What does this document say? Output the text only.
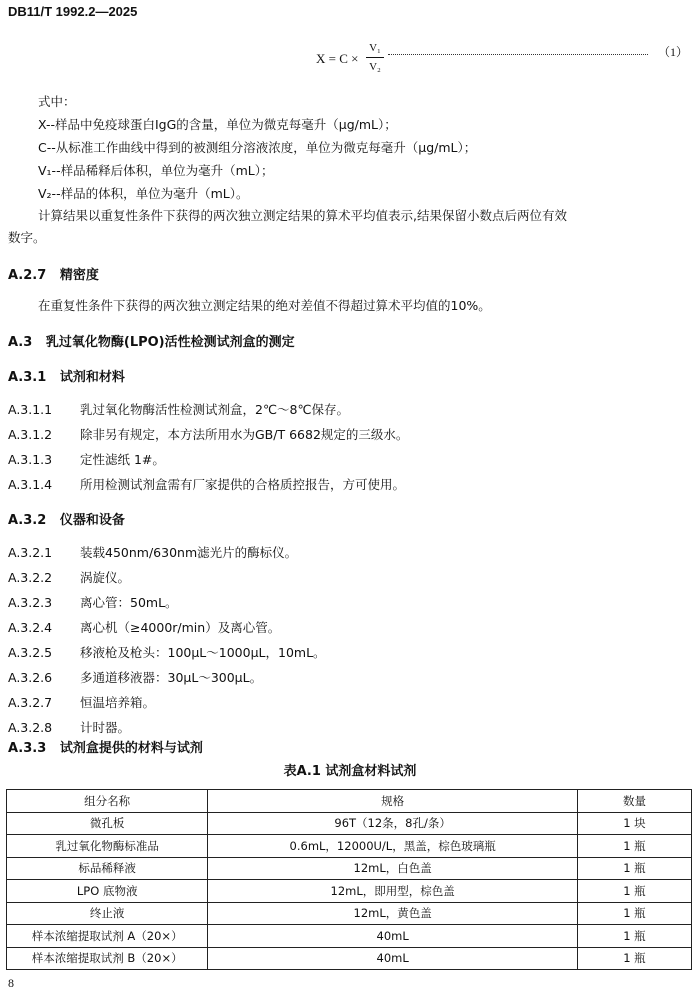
DB11/T 1992.2—2025
X = C ×
V₁
V₂
（1）
式中：
X--样品中免疫球蛋白IgG的含量，单位为微克每毫升（μg/mL）；
C--从标准工作曲线中得到的被测组分溶液浓度，单位为微克每毫升（μg/mL）；
V₁--样品稀释后体积，单位为毫升（mL）；
V₂--样品的体积，单位为毫升（mL）。
计算结果以重复性条件下获得的两次独立测定结果的算术平均值表示,结果保留小数点后两位有效
数字。
A.2.7 精密度
在重复性条件下获得的两次独立测定结果的绝对差值不得超过算术平均值的10%。
A.3 乳过氧化物酶(LPO)活性检测试剂盒的测定
A.3.1 试剂和材料
A.3.1.1 乳过氧化物酶活性检测试剂盒，2℃～8℃保存。
A.3.1.2 除非另有规定，本方法所用水为GB/T 6682规定的三级水。
A.3.1.3 定性滤纸 1#。
A.3.1.4 所用检测试剂盒需有厂家提供的合格质控报告，方可使用。
A.3.2 仪器和设备
A.3.2.1 装载450nm/630nm滤光片的酶标仪。
A.3.2.2 涡旋仪。
A.3.2.3 离心管：50mL。
A.3.2.4 离心机（≥4000r/min）及离心管。
A.3.2.5 移液枪及枪头：100μL～1000μL，10mL。
A.3.2.6 多通道移液器：30μL～300μL。
A.3.2.7 恒温培养箱。
A.3.2.8 计时器。
A.3.3 试剂盒提供的材料与试剂
表A.1 试剂盒材料试剂
组分名称	规格	数量
微孔板	96T（12条，8孔/条）	1 块
乳过氧化物酶标准品	0.6mL，12000U/L，黑盖，棕色玻璃瓶	1 瓶
标品稀释液	12mL，白色盖	1 瓶
LPO 底物液	12mL，即用型，棕色盖	1 瓶
终止液	12mL，黄色盖	1 瓶
样本浓缩提取试剂 A（20×）	40mL	1 瓶
样本浓缩提取试剂 B（20×）	40mL	1 瓶
8
